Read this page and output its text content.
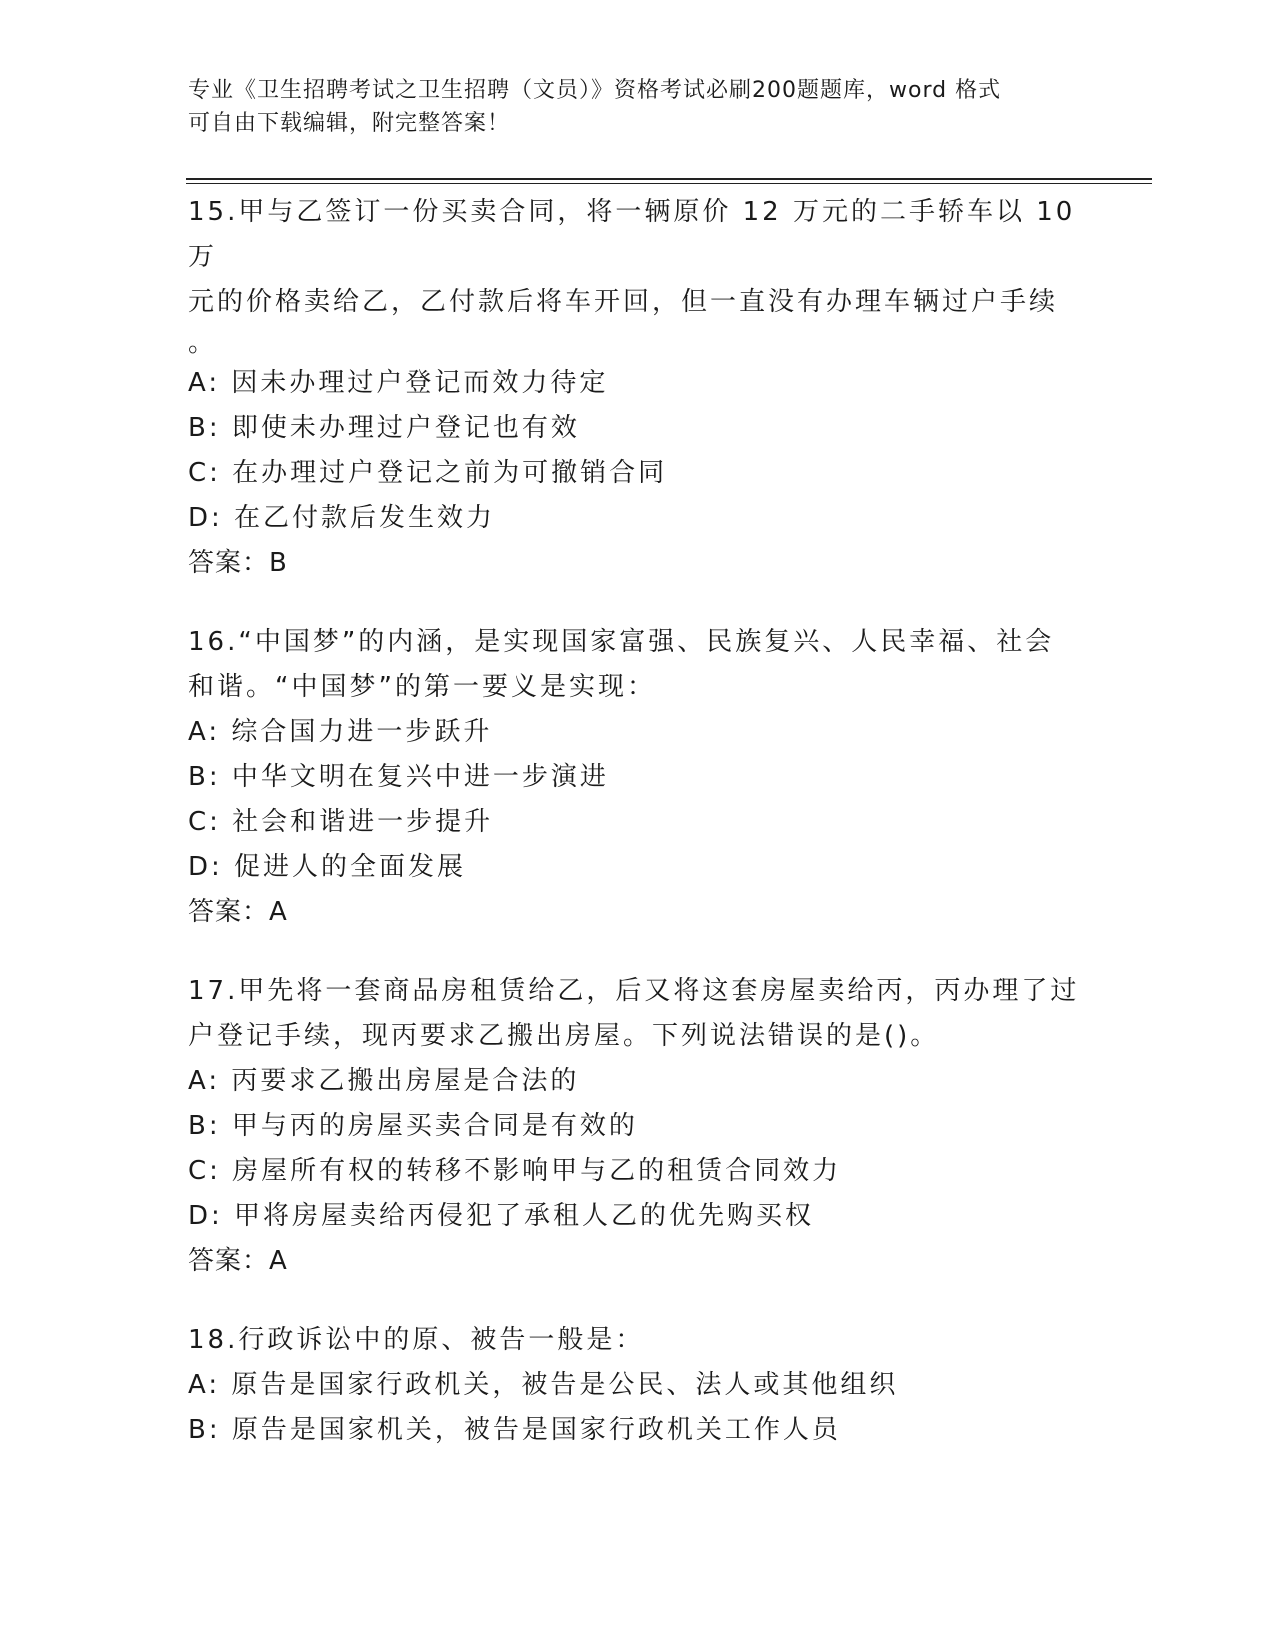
专业《卫生招聘考试之卫生招聘（文员）》资格考试必刷200题题库，word 格式
可自由下载编辑，附完整答案！

15.甲与乙签订一份买卖合同，将一辆原价 12 万元的二手轿车以 10 万

元的价格卖给乙，乙付款后将车开回，但一直没有办理车辆过户手续

。

A: 因未办理过户登记而效力待定

B: 即使未办理过户登记也有效

C: 在办理过户登记之前为可撤销合同

D: 在乙付款后发生效力

答案：B

16.“中国梦”的内涵，是实现国家富强、民族复兴、人民幸福、社会

和谐。“中国梦”的第一要义是实现：

A: 综合国力进一步跃升

B: 中华文明在复兴中进一步演进

C: 社会和谐进一步提升

D: 促进人的全面发展

答案：A

17.甲先将一套商品房租赁给乙，后又将这套房屋卖给丙，丙办理了过

户登记手续，现丙要求乙搬出房屋。下列说法错误的是()。

A: 丙要求乙搬出房屋是合法的

B: 甲与丙的房屋买卖合同是有效的

C: 房屋所有权的转移不影响甲与乙的租赁合同效力

D: 甲将房屋卖给丙侵犯了承租人乙的优先购买权

答案：A

18.行政诉讼中的原、被告一般是：

A: 原告是国家行政机关，被告是公民、法人或其他组织

B: 原告是国家机关，被告是国家行政机关工作人员
